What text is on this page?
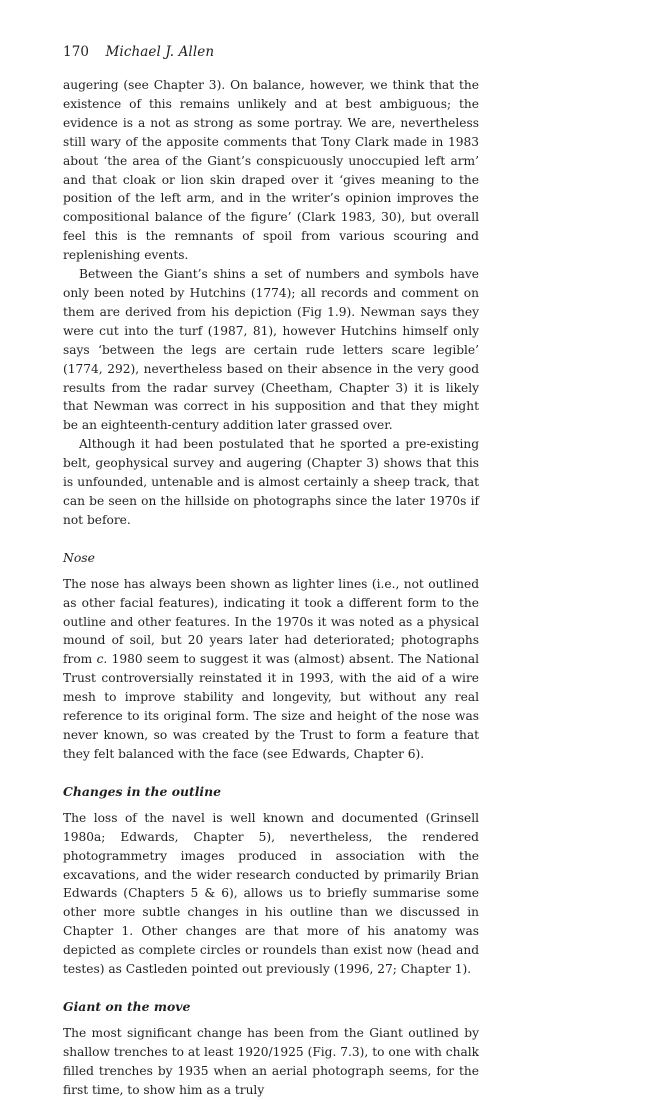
170 Michael J. Allen

augering (see Chapter 3). On balance, however, we think that the existence of this remains unlikely and at best ambiguous; the evidence is a not as strong as some portray. We are, nevertheless still wary of the apposite comments that Tony Clark made in 1983 about ‘the area of the Giant’s conspicuously unoccupied left arm’ and that cloak or lion skin draped over it ‘gives meaning to the position of the left arm, and in the writer’s opinion improves the compositional balance of the figure’ (Clark 1983, 30), but overall feel this is the remnants of spoil from various scouring and replenishing events.

Between the Giant’s shins a set of numbers and symbols have only been noted by Hutchins (1774); all records and comment on them are derived from his depiction (Fig 1.9). Newman says they were cut into the turf (1987, 81), however Hutchins himself only says ‘between the legs are certain rude letters scare legible’ (1774, 292), nevertheless based on their absence in the very good results from the radar survey (Cheetham, Chapter 3) it is likely that Newman was correct in his supposition and that they might be an eighteenth-century addition later grassed over.

Although it had been postulated that he sported a pre-existing belt, geophysical survey and augering (Chapter 3) shows that this is unfounded, untenable and is almost certainly a sheep track, that can be seen on the hillside on photographs since the later 1970s if not before.

Nose

The nose has always been shown as lighter lines (i.e., not outlined as other facial features), indicating it took a different form to the outline and other features. In the 1970s it was noted as a physical mound of soil, but 20 years later had deteriorated; photographs from c. 1980 seem to suggest it was (almost) absent. The National Trust controversially reinstated it in 1993, with the aid of a wire mesh to improve stability and longevity, but without any real reference to its original form. The size and height of the nose was never known, so was created by the Trust to form a feature that they felt balanced with the face (see Edwards, Chapter 6).

Changes in the outline

The loss of the navel is well known and documented (Grinsell 1980a; Edwards, Chapter 5), nevertheless, the rendered photogrammetry images produced in association with the excavations, and the wider research conducted by primarily Brian Edwards (Chapters 5 & 6), allows us to briefly summarise some other more subtle changes in his outline than we discussed in Chapter 1. Other changes are that more of his anatomy was depicted as complete circles or roundels than exist now (head and testes) as Castleden pointed out previously (1996, 27; Chapter 1).

Giant on the move

The most significant change has been from the Giant outlined by shallow trenches to at least 1920/1925 (Fig. 7.3), to one with chalk filled trenches by 1935 when an aerial photograph seems, for the first time, to show him as a truly
